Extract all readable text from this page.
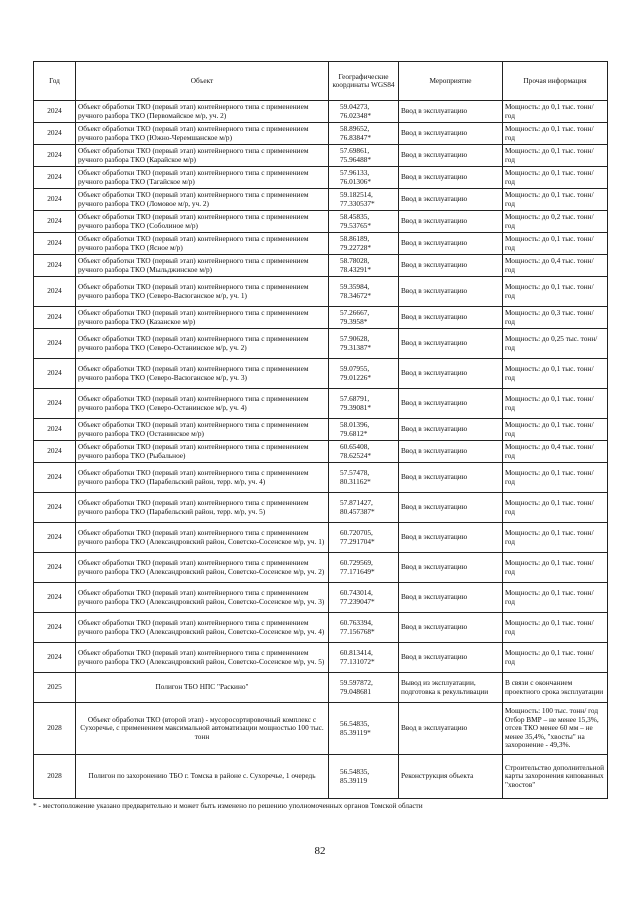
Год	Объект	Географические координаты WGS84	Мероприятие	Прочая информация
2024	Объект обработки ТКО (первый этап) контейнерного типа с применением ручного разбора ТКО (Первомайское м/р, уч. 2)	59.04273, 76.02348*	Ввод в эксплуатацию	Мощность: до 0,1 тыс. тонн/ год
2024	Объект обработки ТКО (первый этап) контейнерного типа с применением ручного разбора ТКО (Южно-Черемшанское м/р)	58.89652, 76.83847*	Ввод в эксплуатацию	Мощность: до 0,1 тыс. тонн/ год
2024	Объект обработки ТКО (первый этап) контейнерного типа с применением ручного разбора ТКО (Карайское м/р)	57.69861, 75.96488*	Ввод в эксплуатацию	Мощность: до 0,1 тыс. тонн/ год
2024	Объект обработки ТКО (первый этап) контейнерного типа с применением ручного разбора ТКО (Тагайское м/р)	57.96133, 76.01306*	Ввод в эксплуатацию	Мощность: до 0,1 тыс. тонн/ год
2024	Объект обработки ТКО (первый этап) контейнерного типа с применением ручного разбора ТКО (Ломовое м/р, уч. 2)	59.182514, 77.330537*	Ввод в эксплуатацию	Мощность: до 0,1 тыс. тонн/ год
2024	Объект обработки ТКО (первый этап) контейнерного типа с применением ручного разбора ТКО (Соболиное м/р)	58.45835, 79.53765*	Ввод в эксплуатацию	Мощность: до 0,2 тыс. тонн/ год
2024	Объект обработки ТКО (первый этап) контейнерного типа с применением ручного разбора ТКО (Ясное м/р)	58.86189, 79.22728*	Ввод в эксплуатацию	Мощность: до 0,1 тыс. тонн/ год
2024	Объект обработки ТКО (первый этап) контейнерного типа с применением ручного разбора ТКО (Мыльджинское м/р)	58.78028, 78.43291*	Ввод в эксплуатацию	Мощность: до 0,4 тыс. тонн/ год
2024	Объект обработки ТКО (первый этап) контейнерного типа с применением ручного разбора ТКО (Северо-Васюганское м/р, уч. 1)	59.35984, 78.34672*	Ввод в эксплуатацию	Мощность: до 0,1 тыс. тонн/ год
2024	Объект обработки ТКО (первый этап) контейнерного типа с применением ручного разбора ТКО (Казанское м/р)	57.26667, 79.3958*	Ввод в эксплуатацию	Мощность: до 0,3 тыс. тонн/ год
2024	Объект обработки ТКО (первый этап) контейнерного типа с применением ручного разбора ТКО (Северо-Останинское м/р, уч. 2)	57.90628, 79.31387*	Ввод в эксплуатацию	Мощность: до 0,25 тыс. тонн/ год
2024	Объект обработки ТКО (первый этап) контейнерного типа с применением ручного разбора ТКО (Северо-Васюганское м/р, уч. 3)	59.07955, 79.01226*	Ввод в эксплуатацию	Мощность: до 0,1 тыс. тонн/ год
2024	Объект обработки ТКО (первый этап) контейнерного типа с применением ручного разбора ТКО (Северо-Останинское м/р, уч. 4)	57.68791, 79.39081*	Ввод в эксплуатацию	Мощность: до 0,1 тыс. тонн/ год
2024	Объект обработки ТКО (первый этап) контейнерного типа с применением ручного разбора ТКО (Останинское м/р)	58.01396, 79.6812*	Ввод в эксплуатацию	Мощность: до 0,1 тыс. тонн/ год
2024	Объект обработки ТКО (первый этап) контейнерного типа с применением ручного разбора ТКО (Рыбальное)	60.65408, 78.62524*	Ввод в эксплуатацию	Мощность: до 0,4 тыс. тонн/ год
2024	Объект обработки ТКО (первый этап) контейнерного типа с применением ручного разбора ТКО (Парабельский район, терр. м/р, уч. 4)	57.57478, 80.31162*	Ввод в эксплуатацию	Мощность: до 0,1 тыс. тонн/ год
2024	Объект обработки ТКО (первый этап) контейнерного типа с применением ручного разбора ТКО (Парабельский район, терр. м/р, уч. 5)	57.871427, 80.457387*	Ввод в эксплуатацию	Мощность: до 0,1 тыс. тонн/ год
2024	Объект обработки ТКО (первый этап) контейнерного типа с применением ручного разбора ТКО (Александровский район, Советско-Сосенское м/р, уч. 1)	60.720705, 77.291704*	Ввод в эксплуатацию	Мощность: до 0,1 тыс. тонн/ год
2024	Объект обработки ТКО (первый этап) контейнерного типа с применением ручного разбора ТКО (Александровский район, Советско-Сосенское м/р, уч. 2)	60.729569, 77.171649*	Ввод в эксплуатацию	Мощность: до 0,1 тыс. тонн/ год
2024	Объект обработки ТКО (первый этап) контейнерного типа с применением ручного разбора ТКО (Александровский район, Советско-Сосенское м/р, уч. 3)	60.743014, 77.239047*	Ввод в эксплуатацию	Мощность: до 0,1 тыс. тонн/ год
2024	Объект обработки ТКО (первый этап) контейнерного типа с применением ручного разбора ТКО (Александровский район, Советско-Сосенское м/р, уч. 4)	60.763394, 77.156768*	Ввод в эксплуатацию	Мощность: до 0,1 тыс. тонн/ год
2024	Объект обработки ТКО (первый этап) контейнерного типа с применением ручного разбора ТКО (Александровский район, Советско-Сосенское м/р, уч. 5)	60.813414, 77.131072*	Ввод в эксплуатацию	Мощность: до 0,1 тыс. тонн/ год
2025	Полигон ТБО НПС "Раскино"	59.597872, 79.048681	Вывод из эксплуатации, подготовка к рекультивации	В связи с окончанием проектного срока эксплуатации
2028	Объект обработки ТКО (второй этап) - мусоросортировочный комплекс с Сухоречье, с применением максимальной автоматизации мощностью 100 тыс. тонн	56.54835, 85.39119*	Ввод в эксплуатацию	Мощность: 100 тыс. тонн/ год Отбор ВМР – не менее 15,3%, отсев ТКО менее 60 мм – не менее 35,4%, "хвосты" на захоронение - 49,3%.
2028	Полигон по захоронению ТБО г. Томска в районе с. Сухоречье, 1 очередь	56.54835, 85.39119	Реконструкция объекта	Строительство дополнительной карты захоронения кипованных "хвостов"
* - местоположение указано предварительно и может быть изменено по решению уполномоченных органов Томской области
82
